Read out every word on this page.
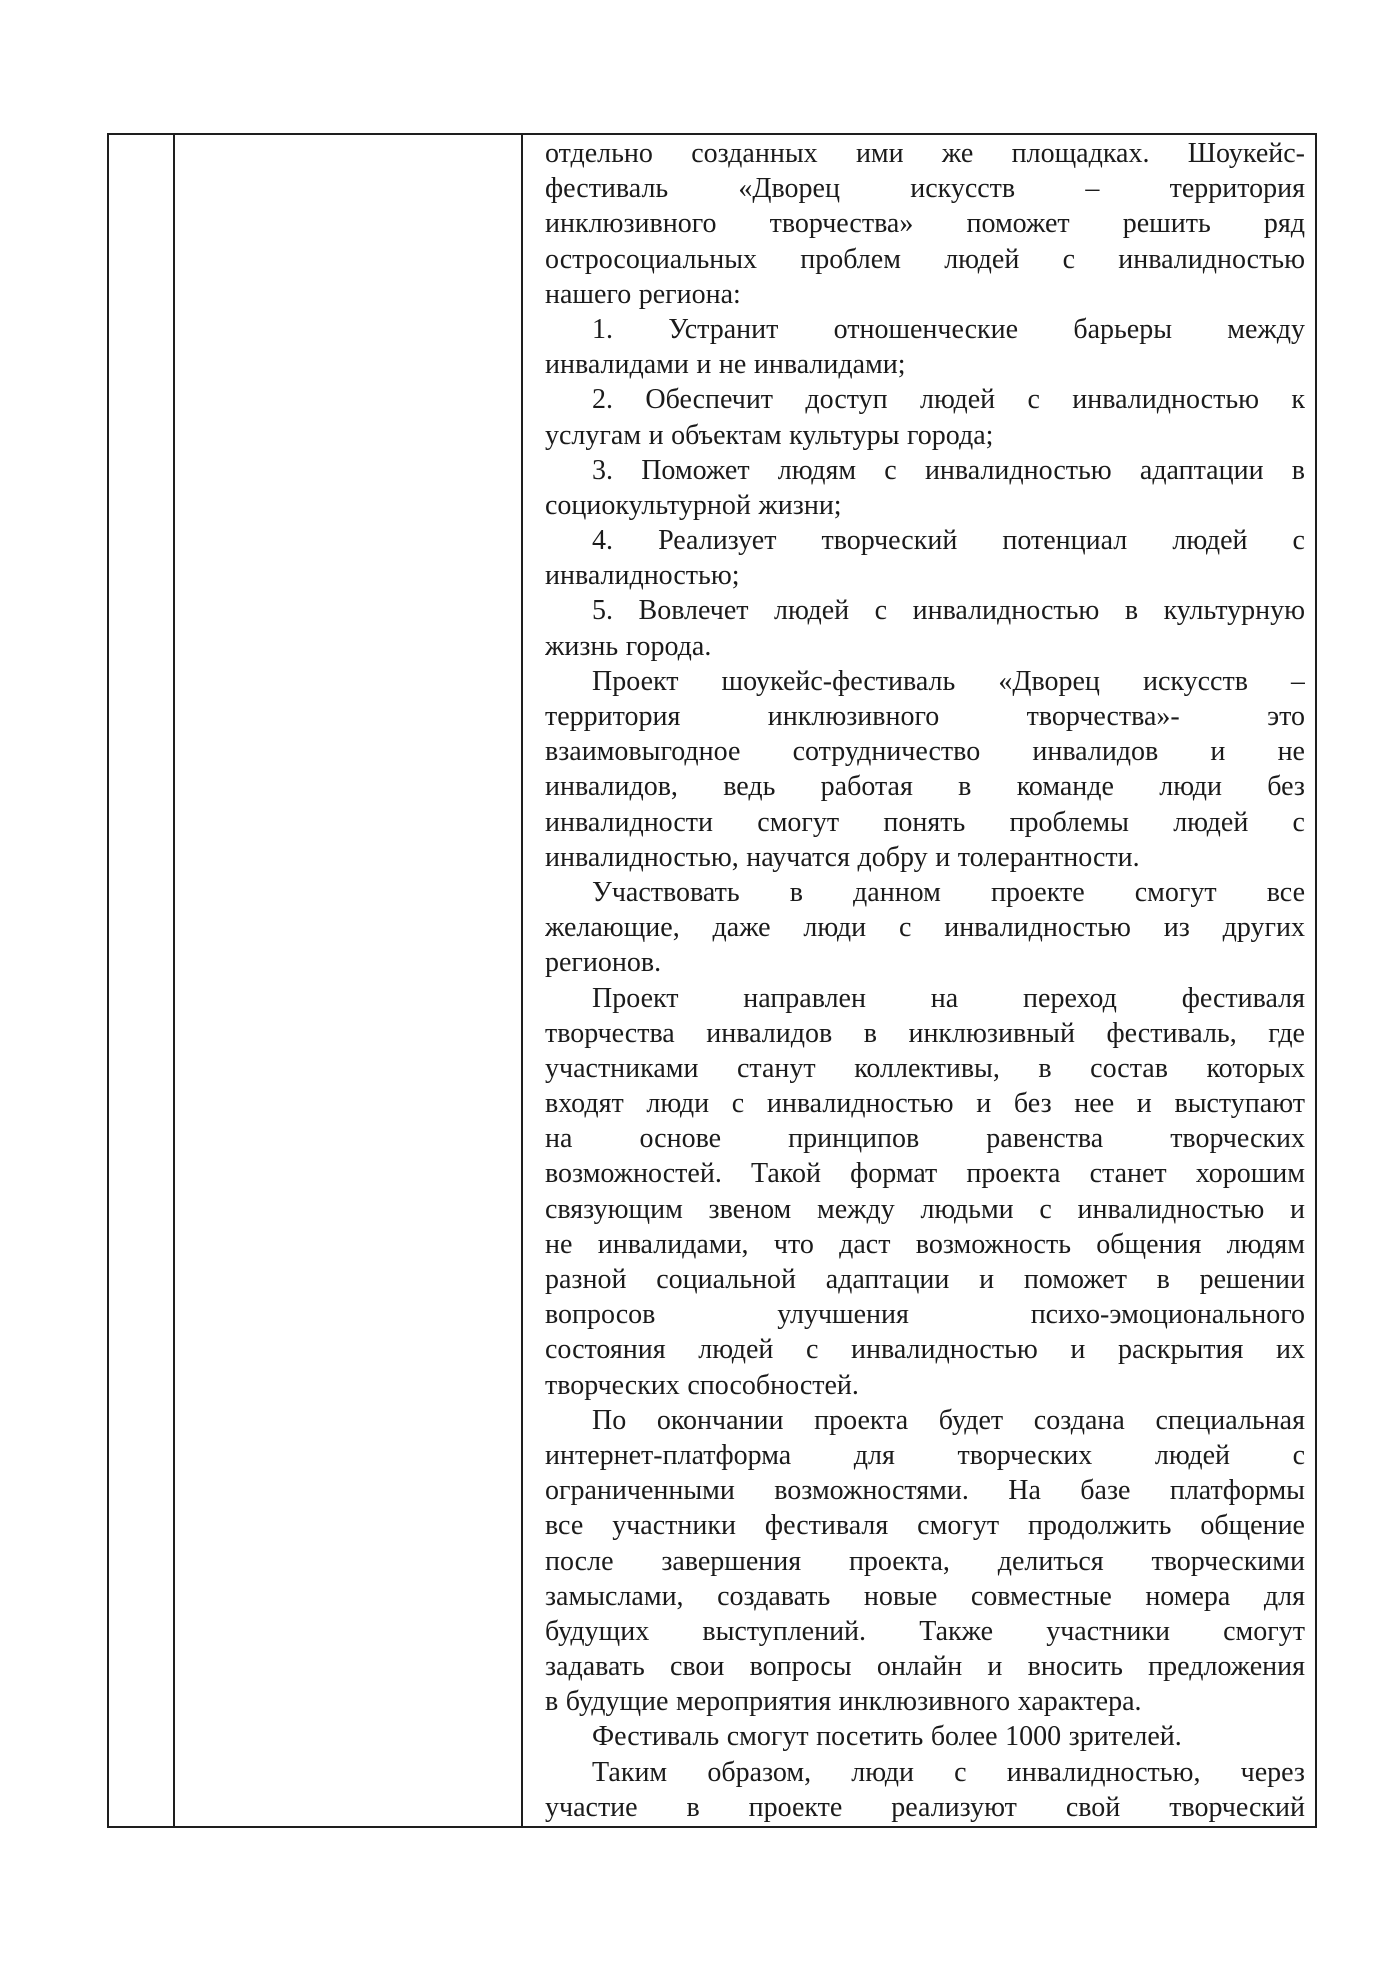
отдельно созданных ими же площадках. Шоукейс-
фестиваль «Дворец искусств – территория
инклюзивного творчества» поможет решить ряд
остросоциальных проблем людей с инвалидностью
нашего региона:

1. Устранит отношенческие барьеры между
инвалидами и не инвалидами;

2. Обеспечит доступ людей с инвалидностью к
услугам и объектам культуры города;

3. Поможет людям с инвалидностью адаптации в
социокультурной жизни;

4. Реализует творческий потенциал людей с
инвалидностью;

5. Вовлечет людей с инвалидностью в культурную
жизнь города.

Проект шоукейс-фестиваль «Дворец искусств –
территория инклюзивного творчества»- это
взаимовыгодное сотрудничество инвалидов и не
инвалидов, ведь работая в команде люди без
инвалидности смогут понять проблемы людей с
инвалидностью, научатся добру и толерантности.

Участвовать в данном проекте смогут все
желающие, даже люди с инвалидностью из других
регионов.

Проект направлен на переход фестиваля
творчества инвалидов в инклюзивный фестиваль, где
участниками станут коллективы, в состав которых
входят люди с инвалидностью и без нее и выступают
на основе принципов равенства творческих
возможностей. Такой формат проекта станет хорошим
связующим звеном между людьми с инвалидностью и
не инвалидами, что даст возможность общения людям
разной социальной адаптации и поможет в решении
вопросов улучшения психо-эмоционального
состояния людей с инвалидностью и раскрытия их
творческих способностей.

По окончании проекта будет создана специальная
интернет-платформа для творческих людей с
ограниченными возможностями. На базе платформы
все участники фестиваля смогут продолжить общение
после завершения проекта, делиться творческими
замыслами, создавать новые совместные номера для
будущих выступлений. Также участники смогут
задавать свои вопросы онлайн и вносить предложения
в будущие мероприятия инклюзивного характера.

Фестиваль смогут посетить более 1000 зрителей.

Таким образом, люди с инвалидностью, через
участие в проекте реализуют свой творческий
